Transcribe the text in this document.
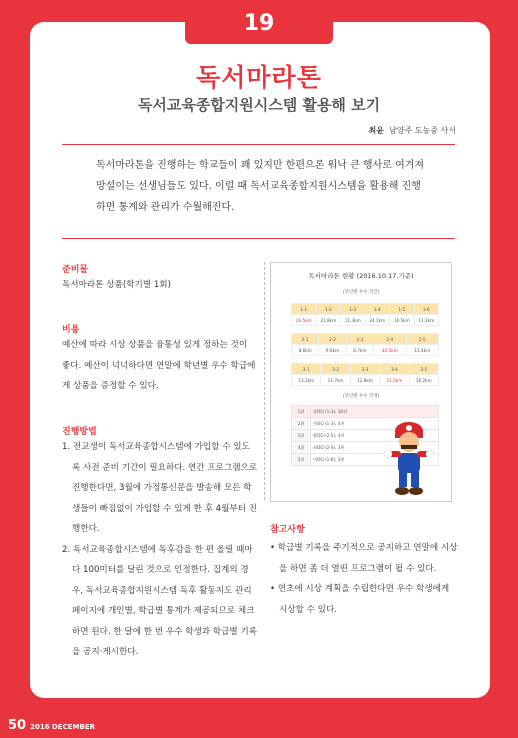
19
독서마라톤
독서교육종합지원시스템 활용해 보기
최윤 남양주 도농중 사서
독서마라톤을 진행하는 학교들이 꽤 있지만 한편으론 워낙 큰 행사로 여겨져 망설이는 선생님들도 있다. 이럴 때 독서교육종합지원시스템을 활용해 진행하면 통계와 관리가 수월해진다.
준비물
독서마라톤 상품(학기별 1회)
비용
예산에 따라 시상 상품을 융통성 있게 정하는 것이 좋다. 예산이 넉넉하다면 연말에 학년별 우수 학급에게 상품을 증정할 수 있다.
진행방법
1. 전교생이 독서교육종합시스템에 가입할 수 있도록 사전 준비 기간이 필요하다. 연간 프로그램으로 진행한다면, 3월에 가정통신문을 발송해 모든 학생들이 빠짐없이 가입할 수 있게 한 후 4월부터 진행한다.
2. 독서교육종합시스템에 독후감을 한 편 올릴 때마다 100미터를 달린 것으로 인정한다. 집계의 경우, 독서교육종합지원시스템 독후 활동지도 관리 페이지에 개인별, 학급별 통계가 제공되므로 체크하면 된다. 한 달에 한 번 우수 학생과 학급별 기록을 공지·게시한다.
독서마라톤 현황 (2016.10.17.기준)
(학년별 우수 학급)
1-1	1-2	1-3	1-4	1-5	1-6
26.5km	21.8km	11.3km	24.1km	16.5km	11.2km
2-1	2-2	2-3	2-4	2-5
8.6km	9.0km	6.7km	40.5km	15.4km
3-1	3-2	3-3	3-4	3-5
13.1km	11.7km	12.8km	22.5km	16.2km
(학년별 우수 학생)
1위	장OO (1-3), 16편
2위	안OO (1-3), 4편
3위	황OO (2-5), 4편
4위	최OO (2-4), 3편
5위	이OO (1-6), 3편
참고사항
• 학급별 기록을 주기적으로 공지하고 연말에 시상을 하면 좀 더 열띤 프로그램이 될 수 있다.
• 연초에 시상 계획을 수립한다면 우수 학생에게 시상할 수 있다.
50 2016 DECEMBER
